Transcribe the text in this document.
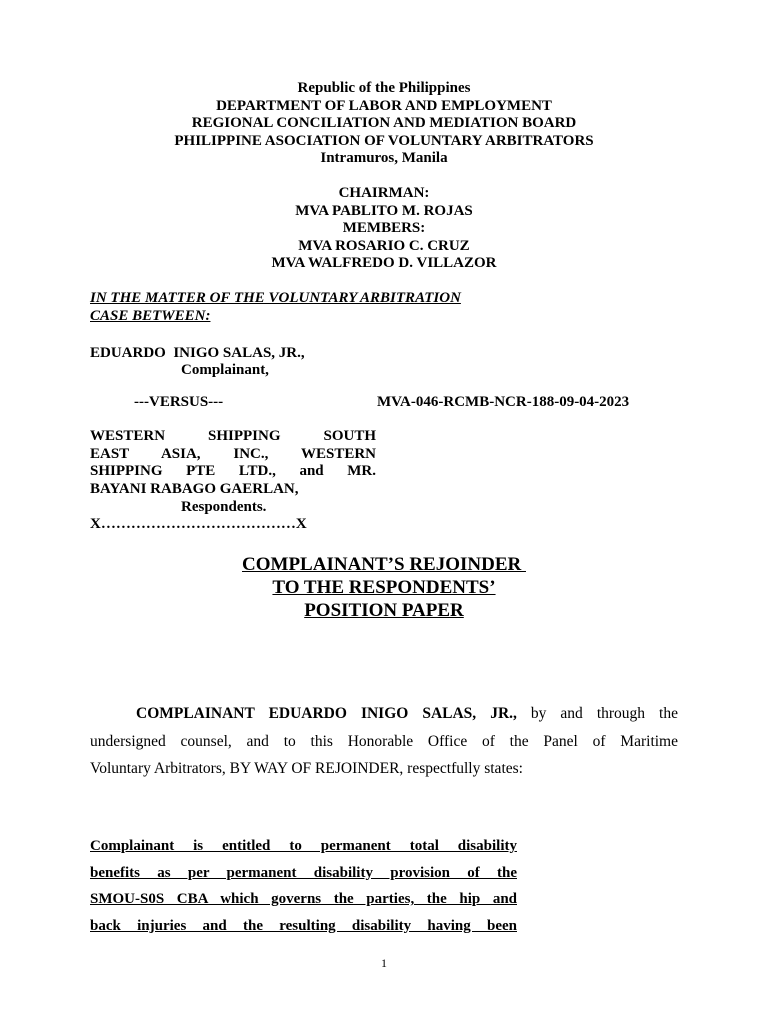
Republic of the Philippines
DEPARTMENT OF LABOR AND EMPLOYMENT
REGIONAL CONCILIATION AND MEDIATION BOARD
PHILIPPINE ASOCIATION OF VOLUNTARY ARBITRATORS
Intramuros, Manila
CHAIRMAN:
MVA PABLITO M. ROJAS
MEMBERS:
MVA ROSARIO C. CRUZ
MVA WALFREDO D. VILLAZOR
IN THE MATTER OF THE VOLUNTARY ARBITRATION
CASE BETWEEN:
EDUARDO  INIGO SALAS, JR.,
Complainant,
---VERSUS---	MVA-046-RCMB-NCR-188-09-04-2023
WESTERN SHIPPING SOUTH
EAST ASIA, INC., WESTERN
SHIPPING PTE LTD., and MR.
BAYANI RABAGO GAERLAN,
Respondents.
X…………………………………X
COMPLAINANT’S REJOINDER
TO THE RESPONDENTS’
POSITION PAPER
COMPLAINANT EDUARDO INIGO SALAS, JR., by and through the
undersigned counsel, and to this Honorable Office of the Panel of Maritime
Voluntary Arbitrators, BY WAY OF REJOINDER, respectfully states:
Complainant is entitled to permanent total disability
benefits as per permanent disability provision of the
SMOU-S0S CBA which governs the parties, the hip and
back injuries and the resulting disability having been
1
